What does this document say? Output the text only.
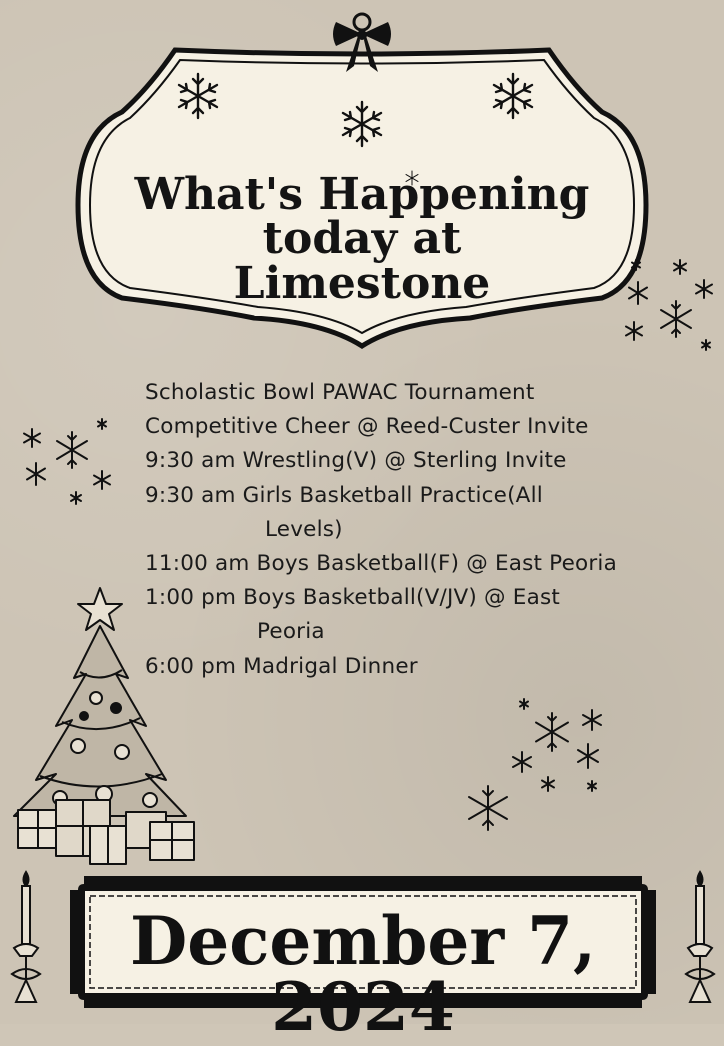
What's Happening today at
Limestone
Scholastic Bowl PAWAC Tournament
Competitive Cheer @ Reed-Custer Invite
9:30 am Wrestling(V) @ Sterling Invite
9:30 am Girls Basketball Practice(All
Levels)
11:00 am Boys Basketball(F) @ East Peoria
1:00 pm Boys Basketball(V/JV) @ East
Peoria
6:00 pm Madrigal Dinner
December 7, 2024
